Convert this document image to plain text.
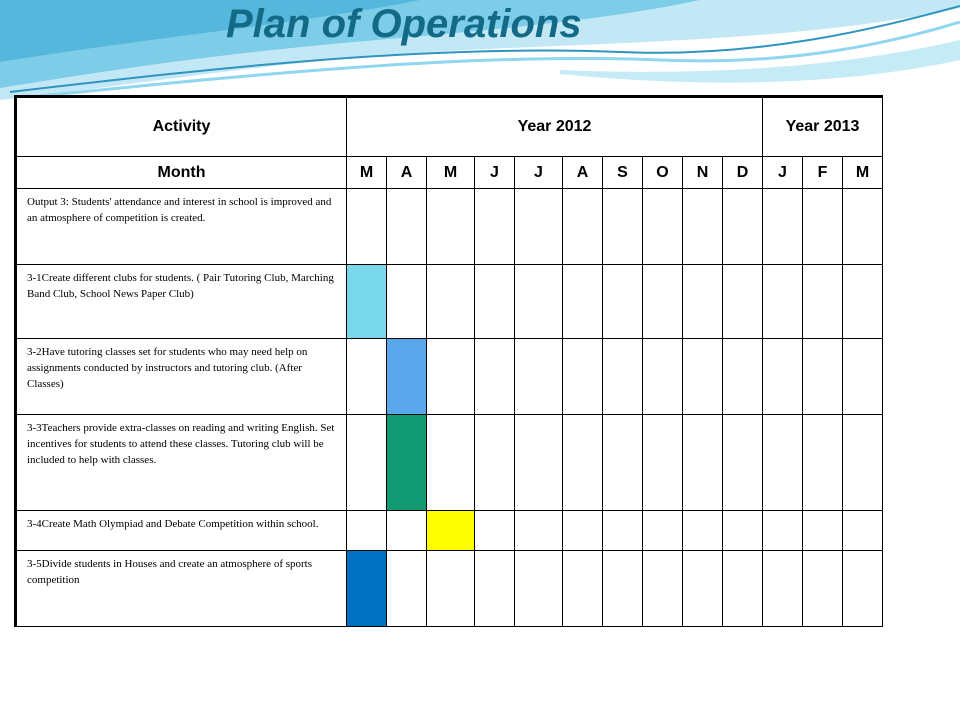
Plan of Operations
Activity	Year 2012										Year 2013		
Month	M	A	M	J	J	A	S	O	N	D	J	F	M
Output 3: Students' attendance and interest in school is improved and an atmosphere of competition is created.													
3-1Create different clubs for students. ( Pair Tutoring Club, Marching Band Club, School News Paper Club)													
3-2Have tutoring classes set for students who may need help on assignments conducted by instructors and tutoring club. (After Classes)													
3-3Teachers provide extra-classes on reading and writing English. Set incentives for students to attend these classes. Tutoring club will be included to help with classes.													
3-4Create Math Olympiad and Debate Competition within school.													
3-5Divide students in Houses and create an atmosphere of sports competition													
